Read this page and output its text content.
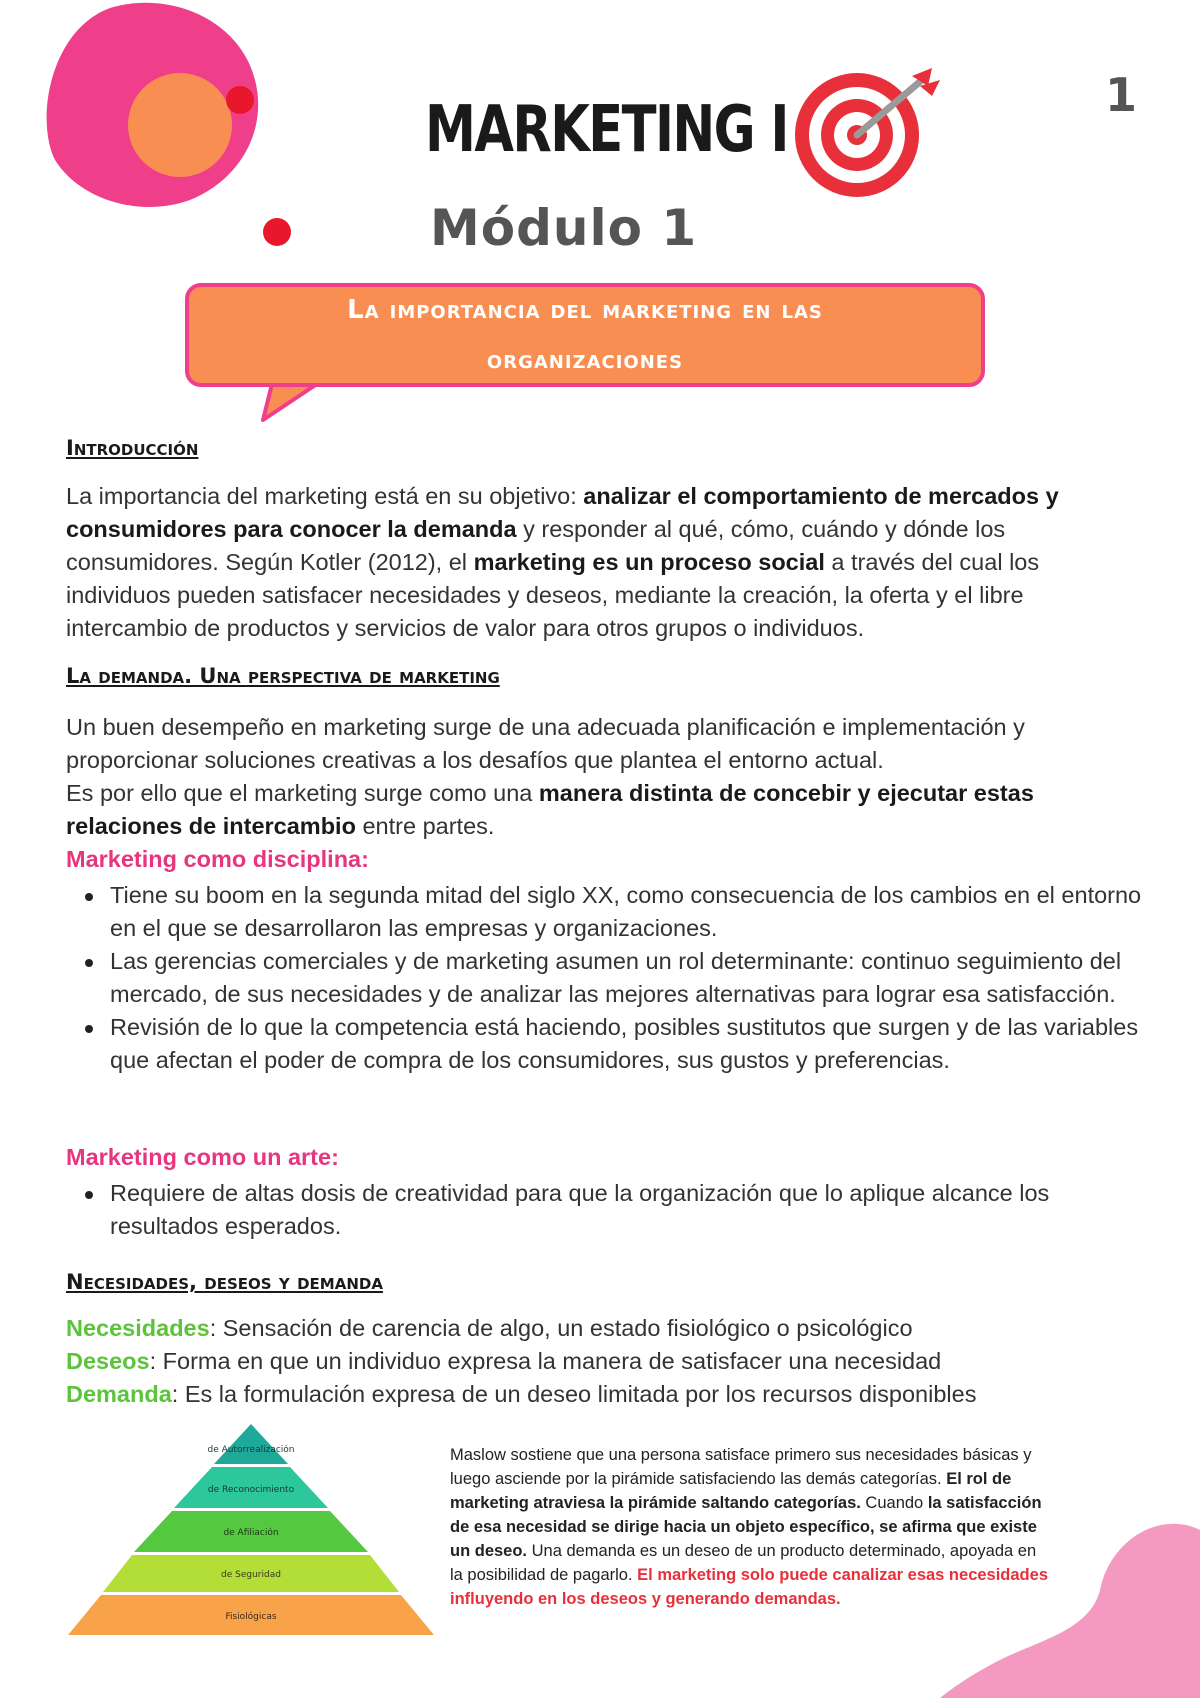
MARKETING I
Módulo 1
1
La importancia del marketing en las
organizaciones
Introducción
La importancia del marketing está en su objetivo: analizar el comportamiento de mercados y consumidores para conocer la demanda y responder al qué, cómo, cuándo y dónde los consumidores. Según Kotler (2012), el marketing es un proceso social a través del cual los individuos pueden satisfacer necesidades y deseos, mediante la creación, la oferta y el libre intercambio de productos y servicios de valor para otros grupos o individuos.
La demanda. Una perspectiva de marketing
Un buen desempeño en marketing surge de una adecuada planificación e implementación y proporcionar soluciones creativas a los desafíos que plantea el entorno actual.
Es por ello que el marketing surge como una manera distinta de concebir y ejecutar estas relaciones de intercambio entre partes.
Marketing como disciplina:
Tiene su boom en la segunda mitad del siglo XX, como consecuencia de los cambios en el entorno en el que se desarrollaron las empresas y organizaciones.
Las gerencias comerciales y de marketing asumen un rol determinante: continuo seguimiento del mercado, de sus necesidades y de analizar las mejores alternativas para lograr esa satisfacción.
Revisión de lo que la competencia está haciendo, posibles sustitutos que surgen y de las variables que afectan el poder de compra de los consumidores, sus gustos y preferencias.
Marketing como un arte:
Requiere de altas dosis de creatividad para que la organización que lo aplique alcance los resultados esperados.
Necesidades, deseos y demanda
Necesidades: Sensación de carencia de algo, un estado fisiológico o psicológico
Deseos: Forma en que un individuo expresa la manera de satisfacer una necesidad
Demanda: Es la formulación expresa de un deseo limitada por los recursos disponibles
de Autorrealización
de Reconocimiento
de Afiliación
de Seguridad
Fisiológicas
Maslow sostiene que una persona satisface primero sus necesidades básicas y luego asciende por la pirámide satisfaciendo las demás categorías. El rol de marketing atraviesa la pirámide saltando categorías. Cuando la satisfacción de esa necesidad se dirige hacia un objeto específico, se afirma que existe un deseo. Una demanda es un deseo de un producto determinado, apoyada en la posibilidad de pagarlo. El marketing solo puede canalizar esas necesidades influyendo en los deseos y generando demandas.
